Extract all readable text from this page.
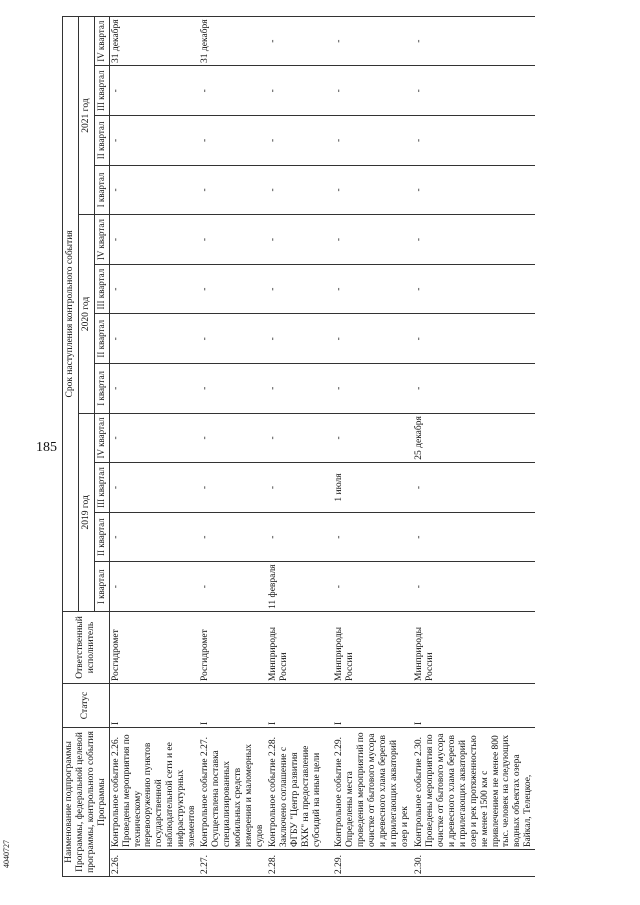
185
4040727	Наименование подпрограммы Программы, федеральной целевой программы, контрольного события Программы		Статус	Ответственный исполнитель	Срок наступления контрольного события											
				2019 год				2020 год				2021 год			
				I квартал	II квартал	III квартал	IV квартал	I квартал	II квартал	III квартал	IV квартал	I квартал	II квартал	III квартал	IV квартал
2.26.	Контрольное событие 2.26. Проведены мероприятия по техническому перевооружению пунктов государственной наблюдательной сети и ее инфраструктурных элементов	I	Росгидромет	-	-	-	-	-	-	-	-	-	-	-	31 декабря
2.27.	Контрольное событие 2.27. Осуществлена поставка специализированных мобильных средств измерения и маломерных судов	I	Росгидромет	-	-	-	-	-	-	-	-	-	-	-	31 декабря
2.28.	Контрольное событие 2.28. Заключено соглашение с ФГБУ "Центр развития ВХК" на предоставление субсидий на иные цели	I	Минприроды России	11 февраля	-	-	-	-	-	-	-	-	-	-	-
2.29.	Контрольное событие 2.29. Определены места проведения мероприятий по очистке от бытового мусора и древесного хлама берегов и прилегающих акваторий озер и рек	I	Минприроды России	-	-	1 июля	-	-	-	-	-	-	-	-	-
2.30.	Контрольное событие 2.30. Проведены мероприятия по очистке от бытового мусора и древесного хлама берегов и прилегающих акваторий озер и рек протяженностью не менее 1500 км с привлечением не менее 800 тыс. человек на следующих водных объектах озера Байкал, Телецкое,	I	Минприроды России	-	-	-	25 декабря	-	-	-	-	-	-	-	-
